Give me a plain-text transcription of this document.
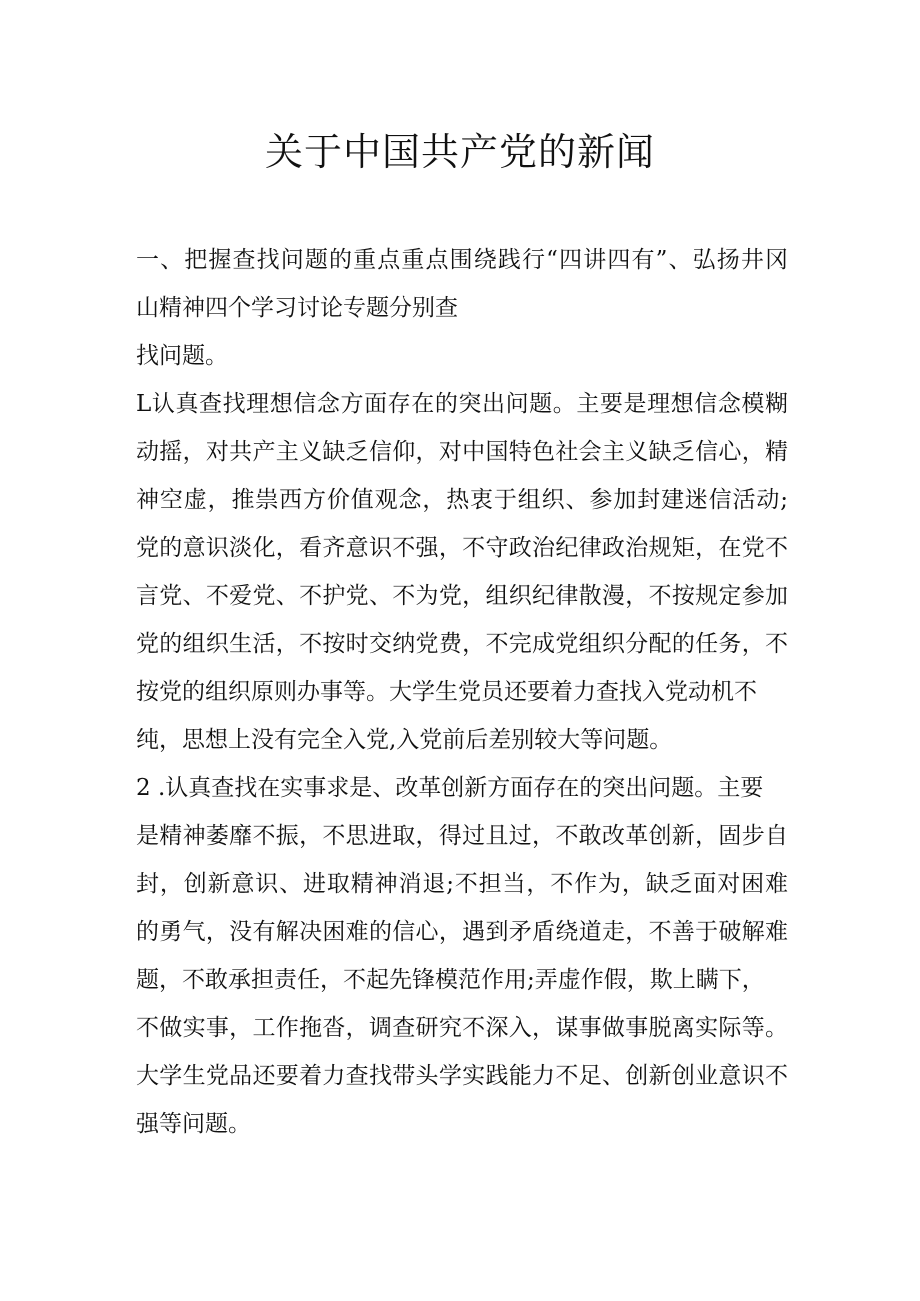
关于中国共产党的新闻
一、把握查找问题的重点重点围绕践行“四讲四有”、弘扬井冈
山精神四个学习讨论专题分别查
找问题。
L认真查找理想信念方面存在的突出问题。主要是理想信念模糊
动摇，对共产主义缺乏信仰，对中国特色社会主义缺乏信心，精
神空虚，推祟西方价值观念，热衷于组织、参加封建迷信活动;
党的意识淡化，看齐意识不强，不守政治纪律政治规矩，在党不
言党、不爱党、不护党、不为党，组织纪律散漫，不按规定参加
党的组织生活，不按时交纳党费，不完成党组织分配的任务，不
按党的组织原则办事等。大学生党员还要着力查找入党动机不
纯，思想上没有完全入党,入党前后差别较大等问题。
2 .认真查找在实事求是、改革创新方面存在的突出问题。主要
是精神萎靡不振，不思进取，得过且过，不敢改革创新，固步自
封，创新意识、进取精神消退;不担当，不作为，缺乏面对困难
的勇气，没有解决困难的信心，遇到矛盾绕道走，不善于破解难
题，不敢承担责任，不起先锋模范作用;弄虚作假，欺上瞒下，
不做实事，工作拖沓，调查研究不深入，谋事做事脱离实际等。
大学生党品还要着力查找带头学实践能力不足、创新创业意识不
强等问题。
